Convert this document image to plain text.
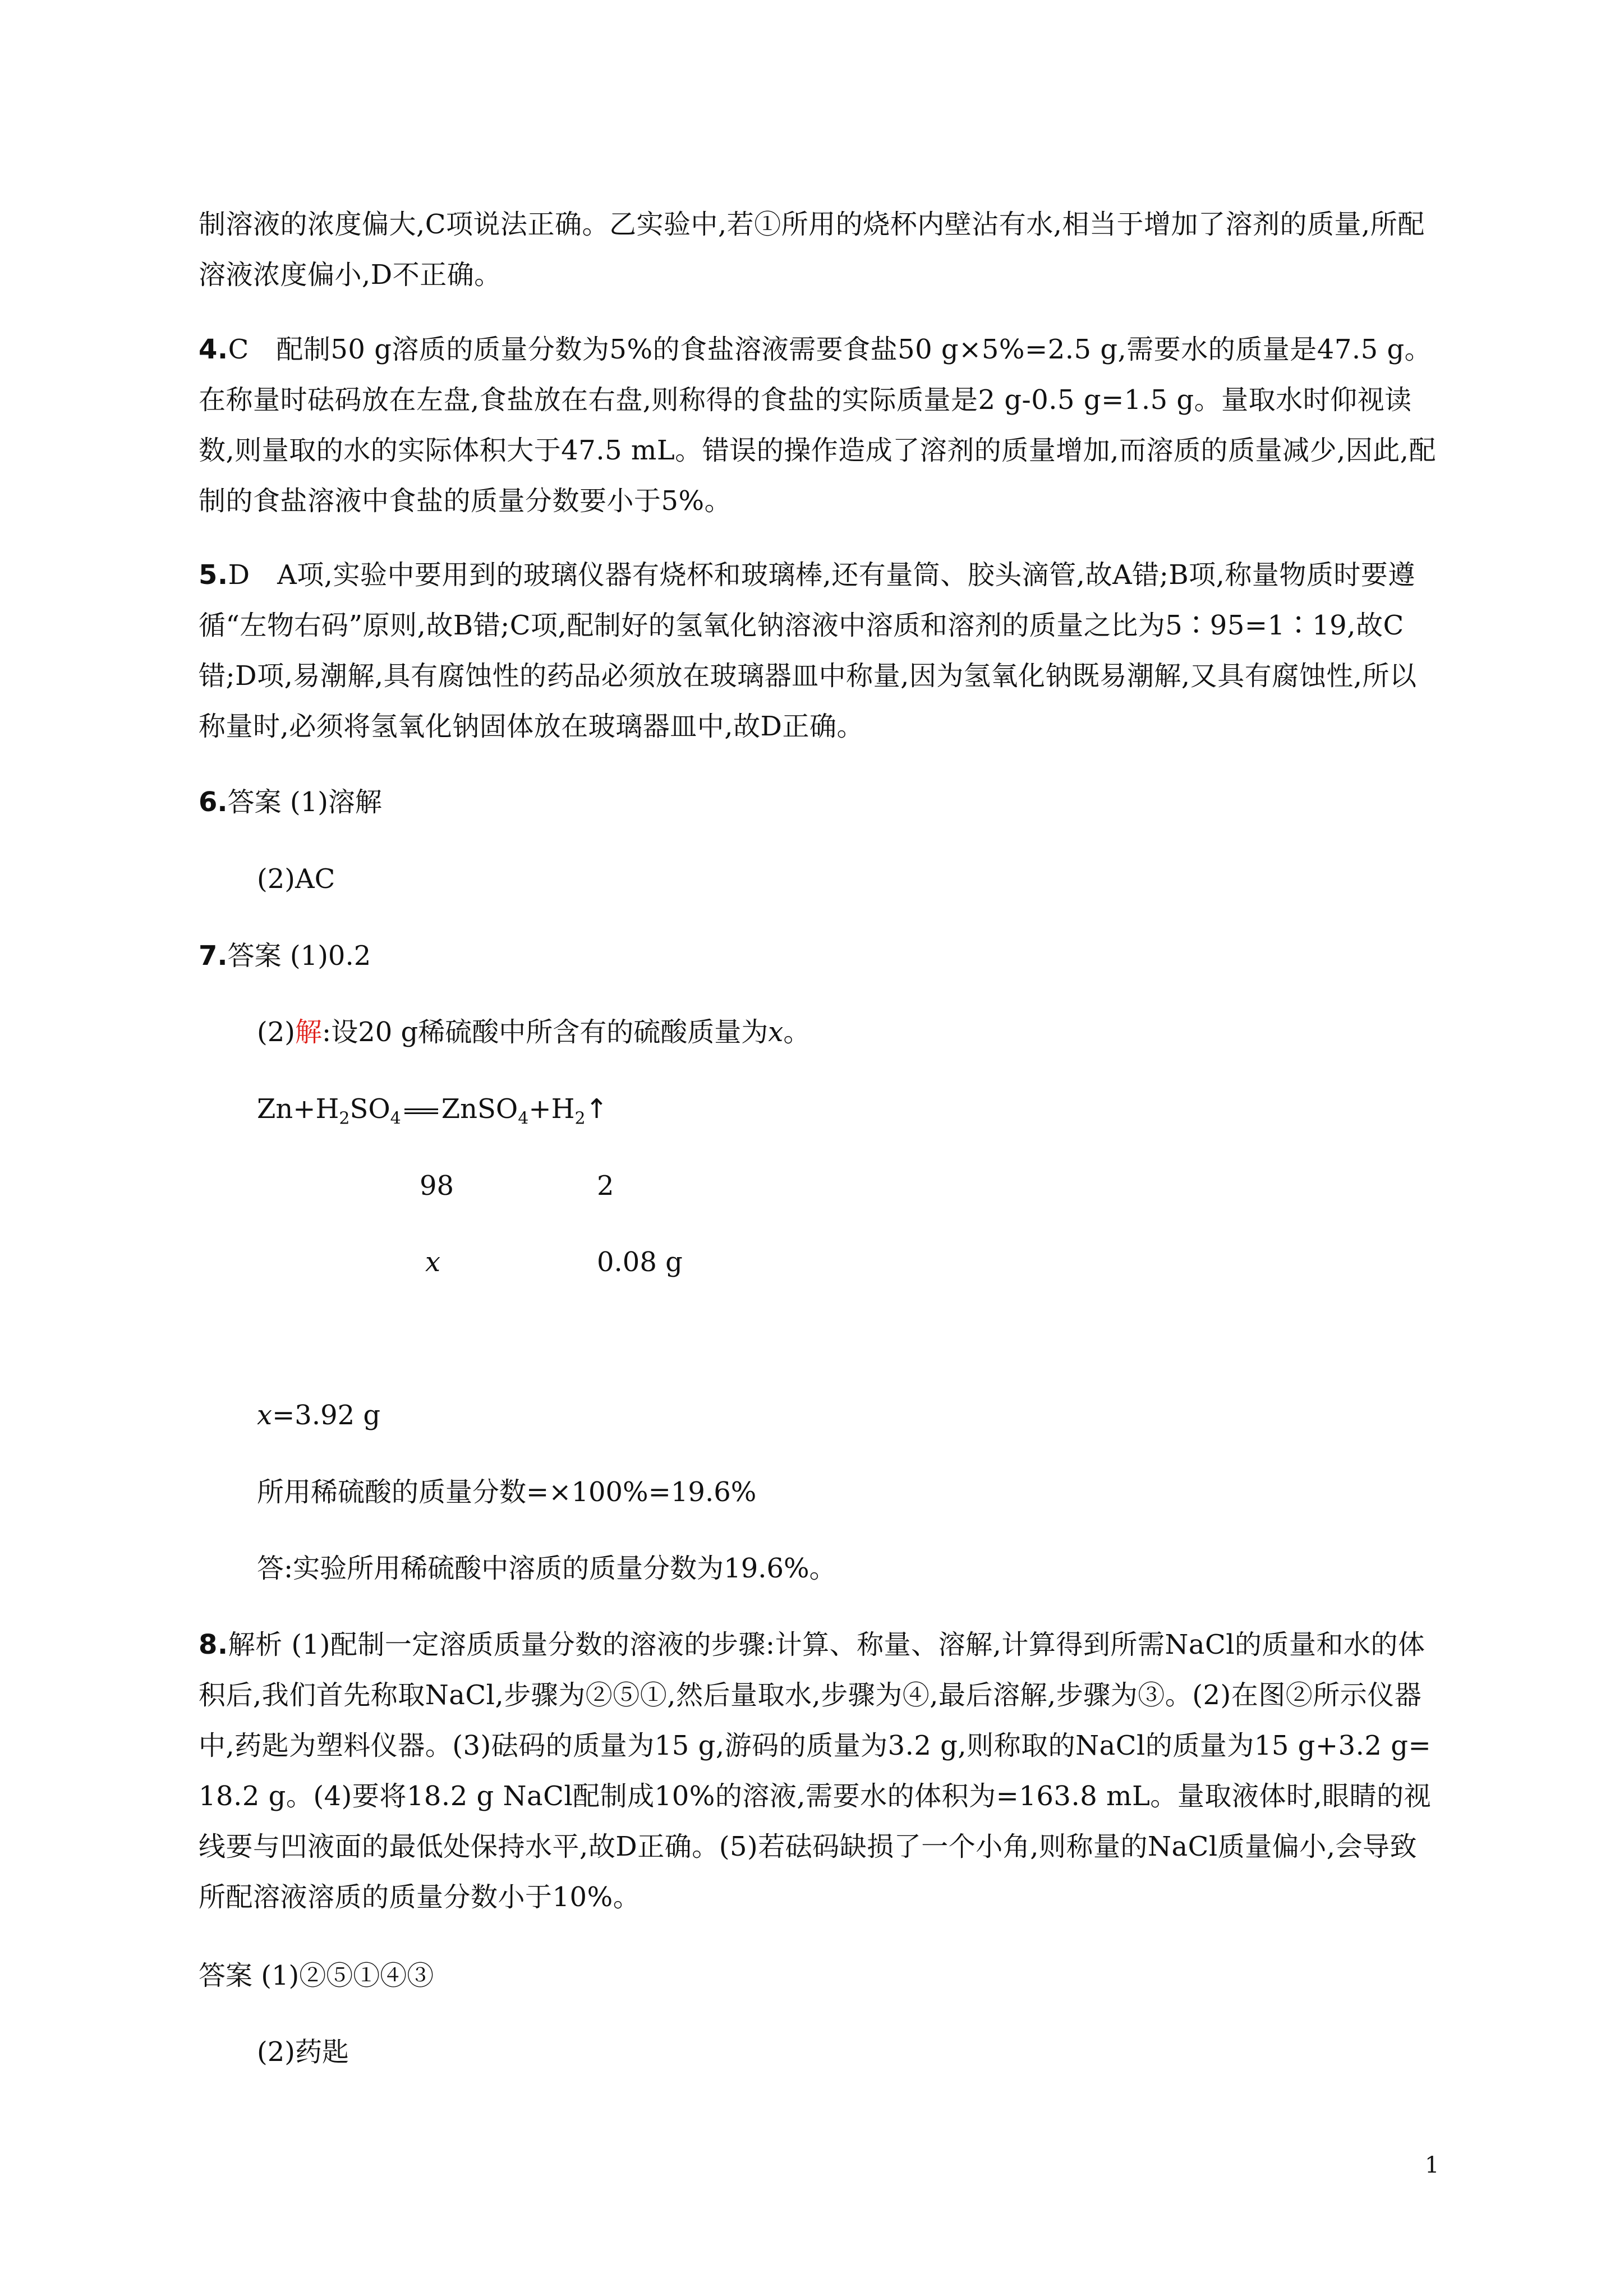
制溶液的浓度偏大,C项说法正确。乙实验中,若①所用的烧杯内壁沾有水,相当于增加了溶剂的质量,所配溶液浓度偏小,D不正确。

4.C　配制50 g溶质的质量分数为5%的食盐溶液需要食盐50 g×5%=2.5 g,需要水的质量是47.5 g。在称量时砝码放在左盘,食盐放在右盘,则称得的食盐的实际质量是2 g-0.5 g=1.5 g。量取水时仰视读数,则量取的水的实际体积大于47.5 mL。错误的操作造成了溶剂的质量增加,而溶质的质量减少,因此,配制的食盐溶液中食盐的质量分数要小于5%。

5.D　A项,实验中要用到的玻璃仪器有烧杯和玻璃棒,还有量筒、胶头滴管,故A错;B项,称量物质时要遵循“左物右码”原则,故B错;C项,配制好的氢氧化钠溶液中溶质和溶剂的质量之比为5∶95=1∶19,故C错;D项,易潮解,具有腐蚀性的药品必须放在玻璃器皿中称量,因为氢氧化钠既易潮解,又具有腐蚀性,所以称量时,必须将氢氧化钠固体放在玻璃器皿中,故D正确。

6.答案 (1)溶解
(2)AC
7.答案 (1)0.2
(2)解:设20 g稀硫酸中所含有的硫酸质量为x。
$Zn+H_2SO_4$ $ZnSO_4+H_2↑$
98	2
x	0.08 g
x=3.92 g
所用稀硫酸的质量分数=×100%=19.6%
答:实验所用稀硫酸中溶质的质量分数为19.6%。

8.解析 (1)配制一定溶质质量分数的溶液的步骤:计算、称量、溶解,计算得到所需NaCl的质量和水的体积后,我们首先称取NaCl,步骤为②⑤①,然后量取水,步骤为④,最后溶解,步骤为③。(2)在图②所示仪器中,药匙为塑料仪器。(3)砝码的质量为15 g,游码的质量为3.2 g,则称取的NaCl的质量为15 g+3.2 g=18.2 g。(4)要将18.2 g NaCl配制成10%的溶液,需要水的体积为=163.8 mL。量取液体时,眼睛的视线要与凹液面的最低处保持水平,故D正确。(5)若砝码缺损了一个小角,则称量的NaCl质量偏小,会导致所配溶液溶质的质量分数小于10%。

答案 (1)②⑤①④③
(2)药匙
1
